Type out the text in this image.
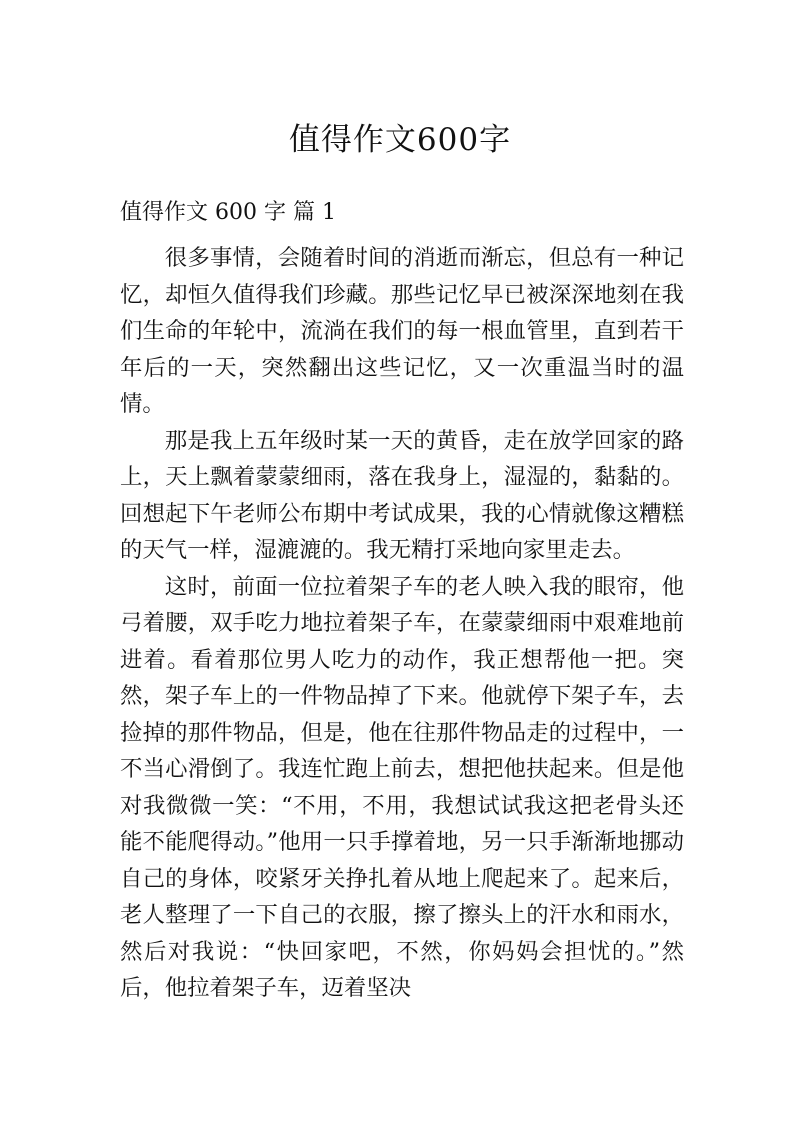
值得作文600字
值得作文 600 字 篇 1

很多事情，会随着时间的消逝而渐忘，但总有一种记忆，却恒久值得我们珍藏。那些记忆早已被深深地刻在我们生命的年轮中，流淌在我们的每一根血管里，直到若干年后的一天，突然翻出这些记忆，又一次重温当时的温情。

那是我上五年级时某一天的黄昏，走在放学回家的路上，天上飘着蒙蒙细雨，落在我身上，湿湿的，黏黏的。回想起下午老师公布期中考试成果，我的心情就像这糟糕的天气一样，湿漉漉的。我无精打采地向家里走去。

这时，前面一位拉着架子车的老人映入我的眼帘，他弓着腰，双手吃力地拉着架子车，在蒙蒙细雨中艰难地前进着。看着那位男人吃力的动作，我正想帮他一把。突然，架子车上的一件物品掉了下来。他就停下架子车，去捡掉的那件物品，但是，他在往那件物品走的过程中，一不当心滑倒了。我连忙跑上前去，想把他扶起来。但是他对我微微一笑：“不用，不用，我想试试我这把老骨头还能不能爬得动。”他用一只手撑着地，另一只手渐渐地挪动自己的身体，咬紧牙关挣扎着从地上爬起来了。起来后，老人整理了一下自己的衣服，擦了擦头上的汗水和雨水，然后对我说：“快回家吧，不然，你妈妈会担忧的。”然后，他拉着架子车，迈着坚决
